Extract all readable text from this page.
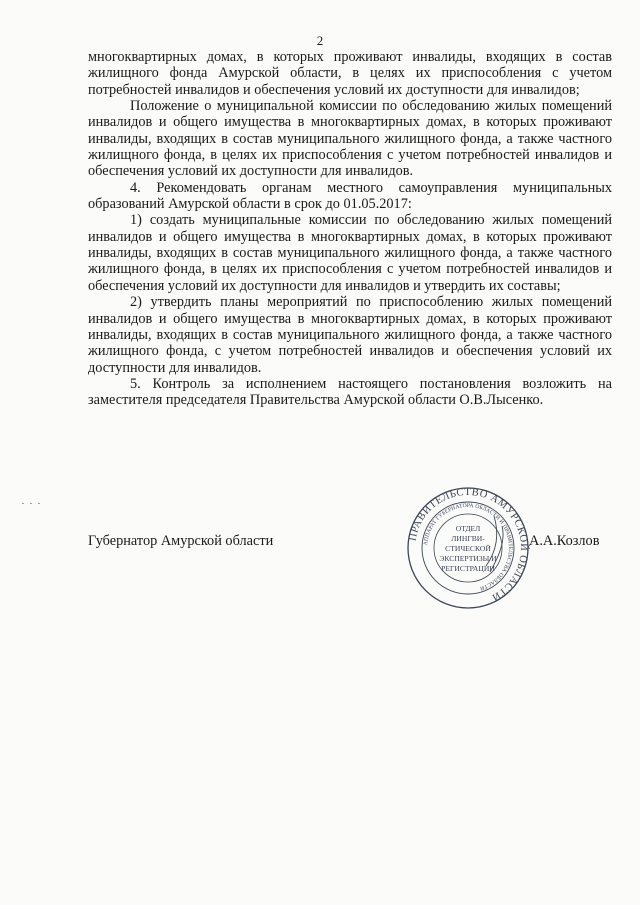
2

многоквартирных домах, в которых проживают инвалиды, входящих в состав жилищного фонда Амурской области, в целях их приспособления с учетом потребностей инвалидов и обеспечения условий их доступности для инвалидов;

Положение о муниципальной комиссии по обследованию жилых помещений инвалидов и общего имущества в многоквартирных домах, в которых проживают инвалиды, входящих в состав муниципального жилищного фонда, а также частного жилищного фонда, в целях их приспособления с учетом потребностей инвалидов и обеспечения условий их доступности для инвалидов.

4. Рекомендовать органам местного самоуправления муниципальных образований Амурской области в срок до 01.05.2017:

1) создать муниципальные комиссии по обследованию жилых помещений инвалидов и общего имущества в многоквартирных домах, в которых проживают инвалиды, входящих в состав муниципального жилищного фонда, а также частного жилищного фонда, в целях их приспособления с учетом потребностей инвалидов и обеспечения условий их доступности для инвалидов и утвердить их составы;

2) утвердить планы мероприятий по приспособлению жилых помещений инвалидов и общего имущества в многоквартирных домах, в которых проживают инвалиды, входящих в состав муниципального жилищного фонда, а также частного жилищного фонда, с учетом потребностей инвалидов и обеспечения условий их доступности для инвалидов.

5. Контроль за исполнением настоящего постановления возложить на заместителя председателя Правительства Амурской области О.В.Лысенко.

Губернатор Амурской области	А.А.Козлов
ПРАВИТЕЛЬСТВО АМУРСКОЙ ОБЛАСТИ
АППАРАТ ГУБЕРНАТОРА ОБЛАСТИ И ПРАВИТЕЛЬСТВА ОБЛАСТИ
ОТДЕЛ
ЛИНГВИ-
СТИЧЕСКОЙ
ЭКСПЕРТИЗЫ И
РЕГИСТРАЦИИ
